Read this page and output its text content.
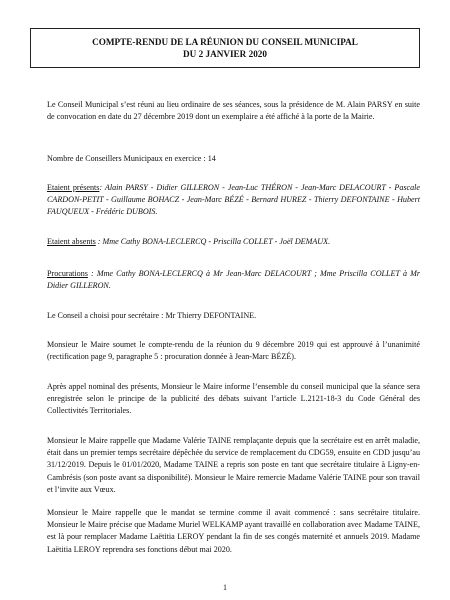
COMPTE-RENDU DE LA RÉUNION DU CONSEIL MUNICIPAL
DU 2 JANVIER 2020
Le Conseil Municipal s’est réuni au lieu ordinaire de ses séances, sous la présidence de M. Alain PARSY en suite de convocation en date du 27 décembre 2019 dont un exemplaire a été affiché à la porte de la Mairie.
Nombre de Conseillers Municipaux en exercice : 14
Etaient présents: Alain PARSY - Didier GILLERON - Jean-Luc THÉRON - Jean-Marc DELACOURT - Pascale CARDON-PETIT - Guillaume BOHACZ - Jean-Marc BÉZÉ - Bernard HUREZ - Thierry DEFONTAINE - Hubert FAUQUEUX - Frédéric DUBOIS.
Etaient absents : Mme Cathy BONA-LECLERCQ - Priscilla COLLET - Joël DEMAUX.
Procurations : Mme Cathy BONA-LECLERCQ à Mr Jean-Marc DELACOURT ; Mme Priscilla COLLET à Mr Didier GILLERON.
Le Conseil a choisi pour secrétaire : Mr Thierry DEFONTAINE.
Monsieur le Maire soumet le compte-rendu de la réunion du 9 décembre 2019 qui est approuvé à l’unanimité (rectification page 9, paragraphe 5 : procuration donnée à Jean-Marc BÉZÉ).
Après appel nominal des présents, Monsieur le Maire informe l’ensemble du conseil municipal que la séance sera enregistrée selon le principe de la publicité des débats suivant l’article L.2121-18-3 du Code Général des Collectivités Territoriales.
Monsieur le Maire rappelle que Madame Valérie TAINE remplaçante depuis que la secrétaire est en arrêt maladie, était dans un premier temps secrétaire dépêchée du service de remplacement du CDG59, ensuite en CDD jusqu’au 31/12/2019. Depuis le 01/01/2020, Madame TAINE a repris son poste en tant que secrétaire titulaire à Ligny-en-Cambrésis (son poste avant sa disponibilité). Monsieur le Maire remercie Madame Valérie TAINE pour son travail et l’invite aux Vœux.
Monsieur le Maire rappelle que le mandat se termine comme il avait commencé : sans secrétaire titulaire. Monsieur le Maire précise que Madame Muriel WELKAMP ayant travaillé en collaboration avec Madame TAINE, est là pour remplacer Madame Laëtitia LEROY pendant la fin de ses congés maternité et annuels 2019. Madame Laëtitia LEROY reprendra ses fonctions début mai 2020.
1
